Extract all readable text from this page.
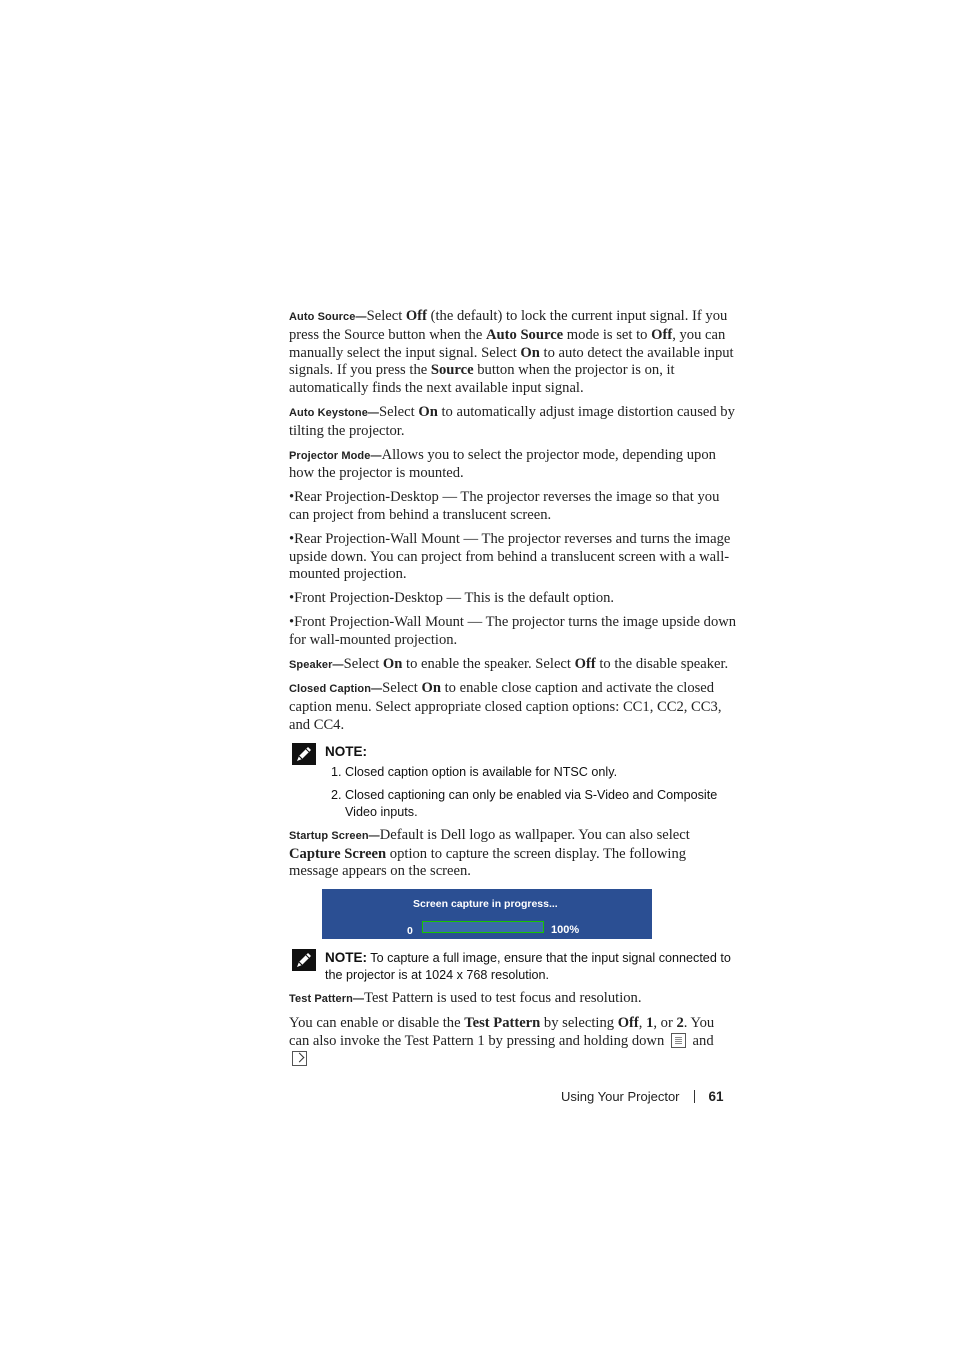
Auto Source—Select Off (the default) to lock the current input signal. If you press the Source button when the Auto Source mode is set to Off, you can manually select the input signal. Select On to auto detect the available input signals. If you press the Source button when the projector is on, it automatically finds the next available input signal.

Auto Keystone—Select On to automatically adjust image distortion caused by tilting the projector.

Projector Mode—Allows you to select the projector mode, depending upon how the projector is mounted.

•Rear Projection-Desktop — The projector reverses the image so that you can project from behind a translucent screen.

•Rear Projection-Wall Mount — The projector reverses and turns the image upside down. You can project from behind a translucent screen with a wall-mounted projection.

•Front Projection-Desktop — This is the default option.

•Front Projection-Wall Mount — The projector turns the image upside down for wall-mounted projection.

Speaker—Select On to enable the speaker. Select Off to the disable speaker.

Closed Caption—Select On to enable close caption and activate the closed caption menu. Select appropriate closed caption options: CC1, CC2, CC3, and CC4.

NOTE:
1. Closed caption option is available for NTSC only.
2. Closed captioning can only be enabled via S-Video and Composite Video inputs.

Startup Screen—Default is Dell logo as wallpaper. You can also select Capture Screen option to capture the screen display. The following message appears on the screen.

Screen capture in progress...
0	100%
NOTE: To capture a full image, ensure that the input signal connected to the projector is at 1024 x 768 resolution.

Test Pattern—Test Pattern is used to test focus and resolution.

You can enable or disable the Test Pattern by selecting Off, 1, or 2. You can also invoke the Test Pattern 1 by pressing and holding down  and

Using Your Projector 61
